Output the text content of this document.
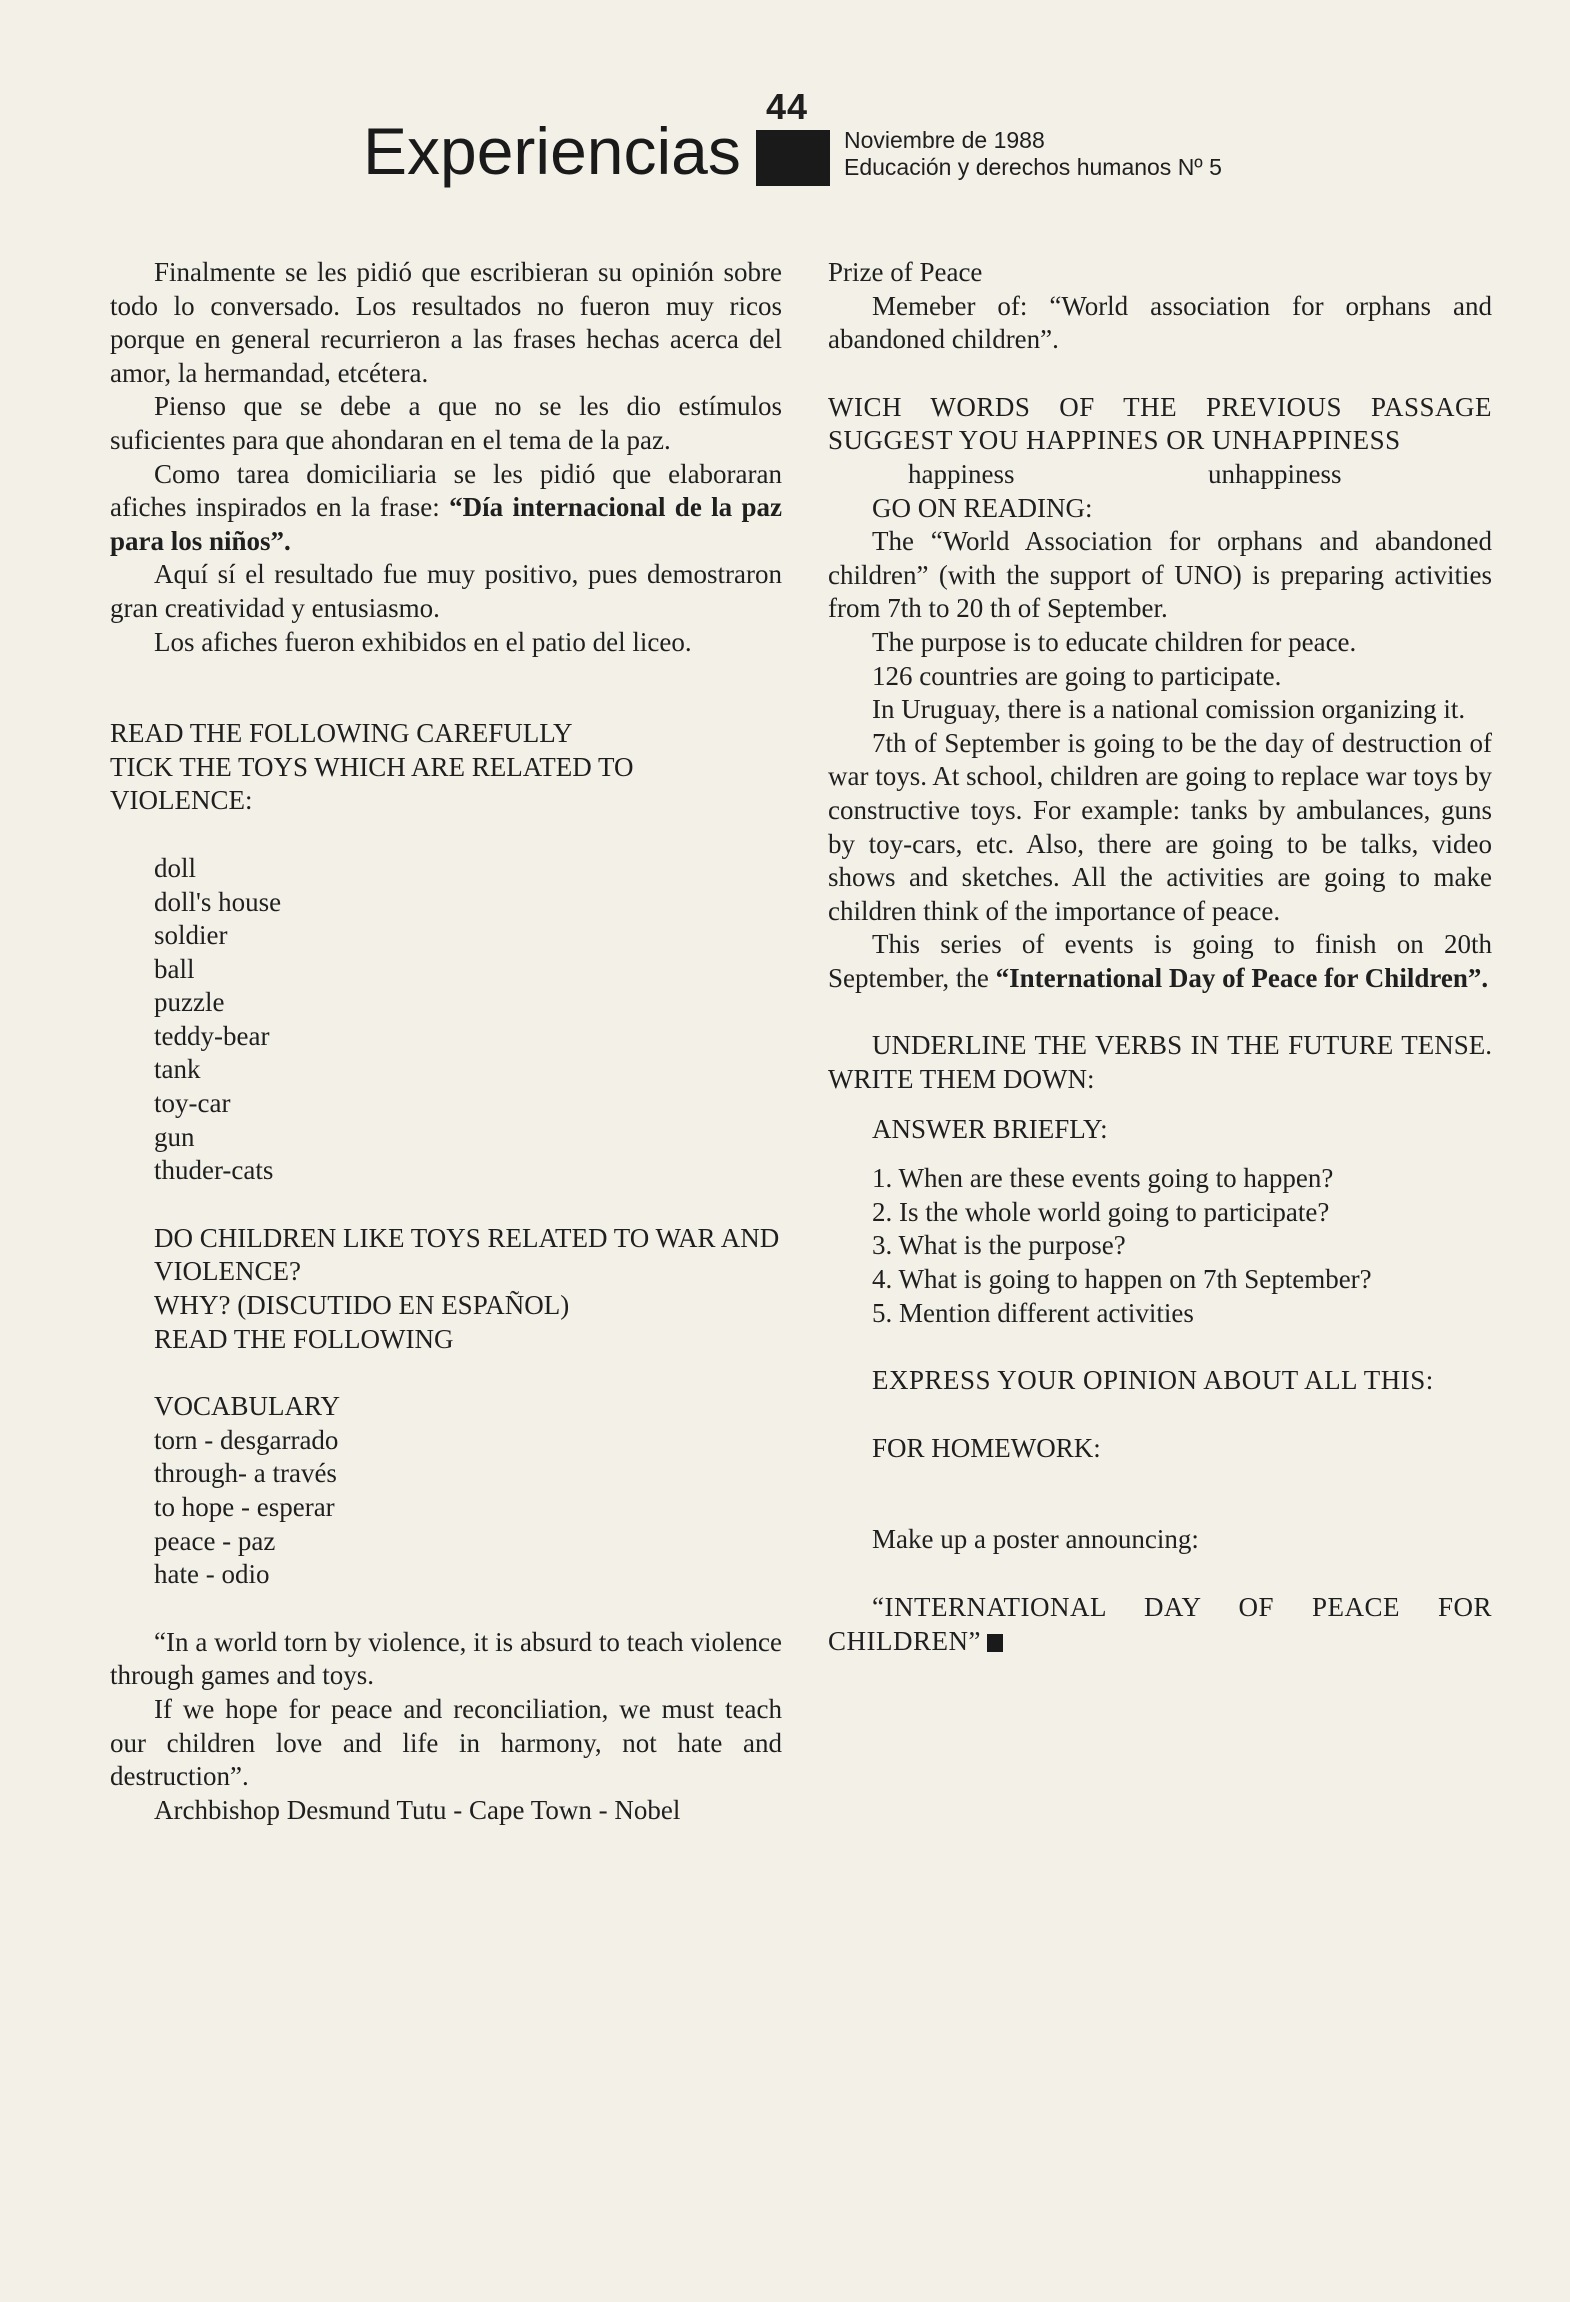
44
Experiencias	Noviembre de 1988
Educación y derechos humanos Nº 5

Finalmente se les pidió que escribieran su opinión sobre todo lo conversado. Los resultados no fueron muy ricos porque en general recurrieron a las frases hechas acerca del amor, la hermandad, etcétera.

Pienso que se debe a que no se les dio estímulos suficientes para que ahondaran en el tema de la paz.

Como tarea domiciliaria se les pidió que elaboraran afiches inspirados en la frase: “Día internacional de la paz para los niños”.

Aquí sí el resultado fue muy positivo, pues demostraron gran creatividad y entusiasmo.

Los afiches fueron exhibidos en el patio del liceo.

READ THE FOLLOWING CAREFULLY

TICK THE TOYS WHICH ARE RELATED TO VIOLENCE:

doll
doll's house
soldier
ball
puzzle
teddy-bear
tank
toy-car
gun
thuder-cats

DO CHILDREN LIKE TOYS RELATED TO WAR AND VIOLENCE?

WHY? (DISCUTIDO EN ESPAÑOL)

READ THE FOLLOWING

VOCABULARY

torn - desgarrado
through- a través
to hope - esperar
peace - paz
hate - odio

“In a world torn by violence, it is absurd to teach violence through games and toys.

If we hope for peace and reconciliation, we must teach our children love and life in harmony, not hate and destruction”.

Archbishop Desmund Tutu - Cape Town - Nobel

Prize of Peace

Memeber of: “World association for orphans and abandoned children”.

WICH WORDS OF THE PREVIOUS PASSAGE SUGGEST YOU HAPPINES OR UNHAPPINESS

happiness	unhappiness

GO ON READING:

The “World Association for orphans and abandoned children” (with the support of UNO) is preparing activities from 7th to 20 th of September.

The purpose is to educate children for peace.

126 countries are going to participate.

In Uruguay, there is a national comission organizing it.

7th of September is going to be the day of destruction of war toys. At school, children are going to replace war toys by constructive toys. For example: tanks by ambulances, guns by toy-cars, etc. Also, there are going to be talks, video shows and sketches. All the activities are going to make children think of the importance of peace.

This series of events is going to finish on 20th September, the “International Day of Peace for Children”.

UNDERLINE THE VERBS IN THE FUTURE TENSE. WRITE THEM DOWN:

ANSWER BRIEFLY:

1. When are these events going to happen?
2. Is the whole world going to participate?
3. What is the purpose?
4. What is going to happen on 7th September?
5. Mention different activities

EXPRESS YOUR OPINION ABOUT ALL THIS:

FOR HOMEWORK:

Make up a poster announcing:

“INTERNATIONAL DAY OF PEACE FOR CHILDREN”
